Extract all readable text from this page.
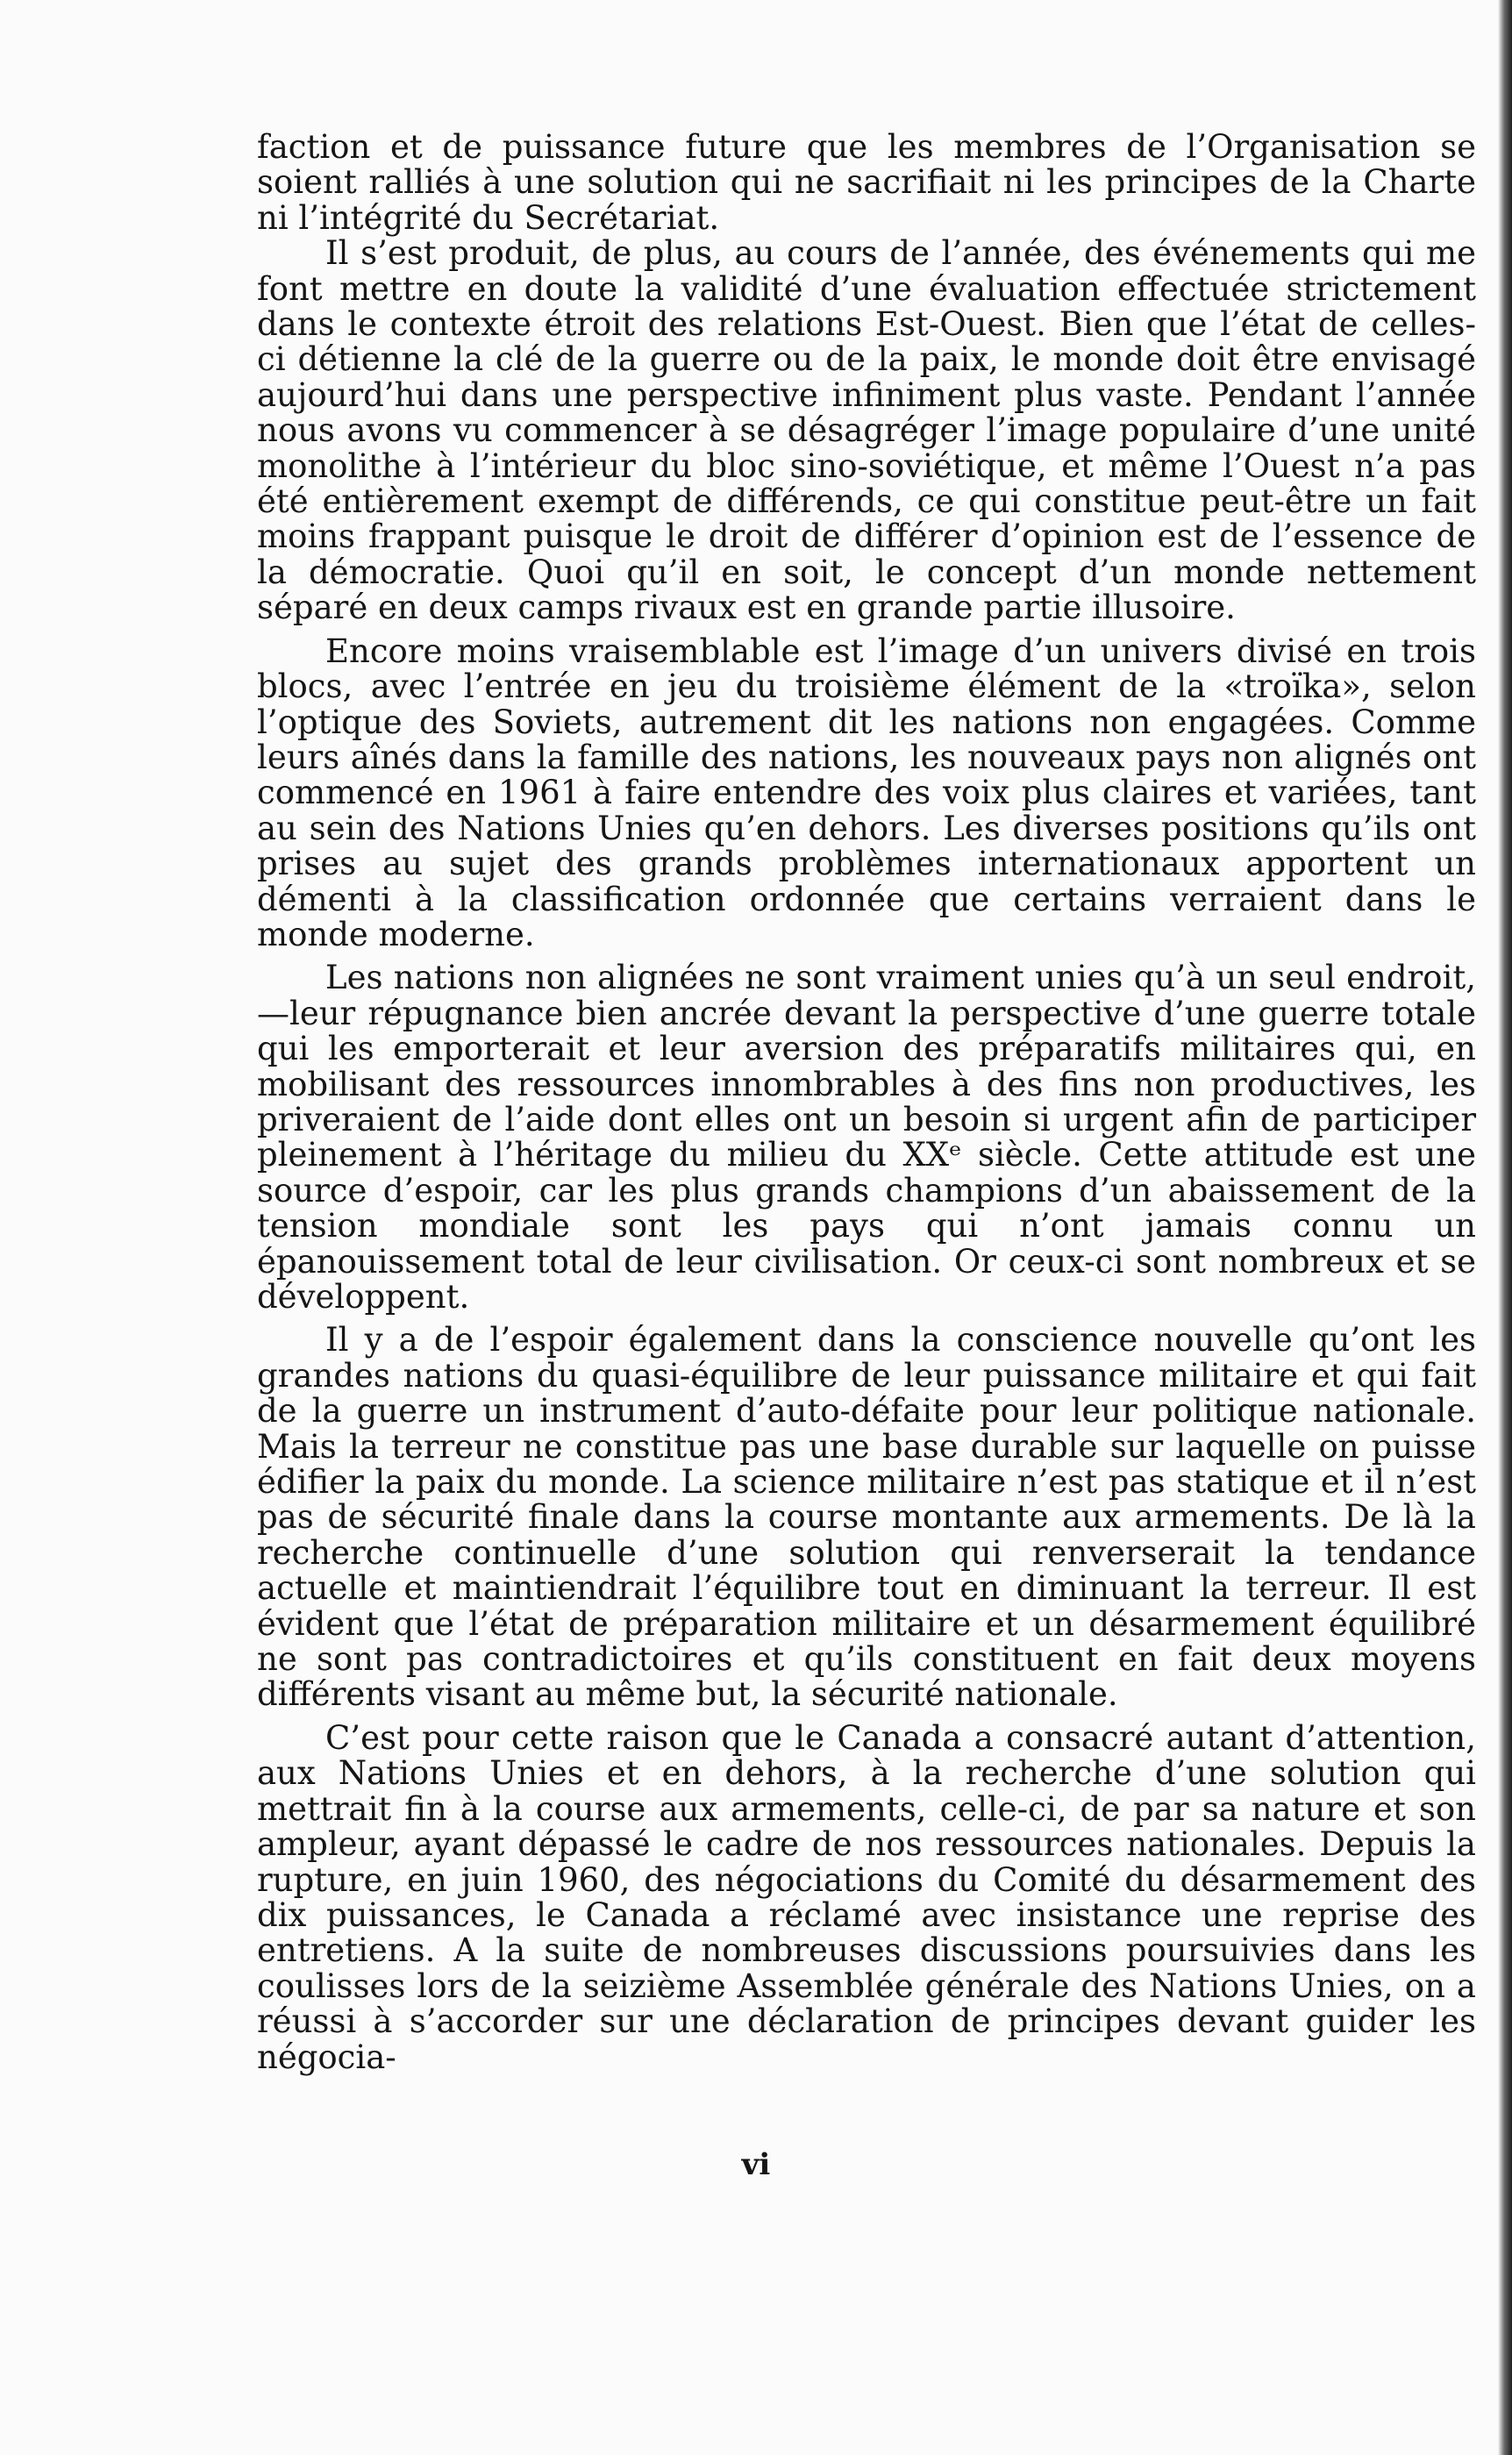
faction et de puissance future que les membres de l’Organisation se soient ralliés à une solution qui ne sacrifiait ni les principes de la Charte ni l’intégrité du Secrétariat.

Il s’est produit, de plus, au cours de l’année, des événements qui me font mettre en doute la validité d’une évaluation effectuée strictement dans le contexte étroit des relations Est-Ouest. Bien que l’état de celles-ci détienne la clé de la guerre ou de la paix, le monde doit être envisagé aujourd’hui dans une perspective infiniment plus vaste. Pendant l’année nous avons vu commencer à se désagréger l’image populaire d’une unité monolithe à l’intérieur du bloc sino-soviétique, et même l’Ouest n’a pas été entièrement exempt de différends, ce qui constitue peut-être un fait moins frappant puisque le droit de différer d’opinion est de l’essence de la démocratie. Quoi qu’il en soit, le concept d’un monde nettement séparé en deux camps rivaux est en grande partie illusoire.

Encore moins vraisemblable est l’image d’un univers divisé en trois blocs, avec l’entrée en jeu du troisième élément de la «troïka», selon l’optique des Soviets, autrement dit les nations non engagées. Comme leurs aînés dans la famille des nations, les nouveaux pays non alignés ont commencé en 1961 à faire entendre des voix plus claires et variées, tant au sein des Nations Unies qu’en dehors. Les diverses positions qu’ils ont prises au sujet des grands problèmes internationaux apportent un démenti à la classification ordonnée que certains verraient dans le monde moderne.

Les nations non alignées ne sont vraiment unies qu’à un seul endroit,—leur répugnance bien ancrée devant la perspective d’une guerre totale qui les emporterait et leur aversion des préparatifs militaires qui, en mobilisant des ressources innombrables à des fins non productives, les priveraient de l’aide dont elles ont un besoin si urgent afin de participer pleinement à l’héritage du milieu du XXᵉ siècle. Cette attitude est une source d’espoir, car les plus grands champions d’un abaissement de la tension mondiale sont les pays qui n’ont jamais connu un épanouissement total de leur civilisation. Or ceux-ci sont nombreux et se développent.

Il y a de l’espoir également dans la conscience nouvelle qu’ont les grandes nations du quasi-équilibre de leur puissance militaire et qui fait de la guerre un instrument d’auto-défaite pour leur politique nationale. Mais la terreur ne constitue pas une base durable sur laquelle on puisse édifier la paix du monde. La science militaire n’est pas statique et il n’est pas de sécurité finale dans la course montante aux armements. De là la recherche continuelle d’une solution qui renverserait la tendance actuelle et maintiendrait l’équilibre tout en diminuant la terreur. Il est évident que l’état de préparation militaire et un désarmement équilibré ne sont pas contradictoires et qu’ils constituent en fait deux moyens différents visant au même but, la sécurité nationale.

C’est pour cette raison que le Canada a consacré autant d’attention, aux Nations Unies et en dehors, à la recherche d’une solution qui mettrait fin à la course aux armements, celle-ci, de par sa nature et son ampleur, ayant dépassé le cadre de nos ressources nationales. Depuis la rupture, en juin 1960, des négociations du Comité du désarmement des dix puissances, le Canada a réclamé avec insistance une reprise des entretiens. A la suite de nombreuses discussions poursuivies dans les coulisses lors de la seizième Assemblée générale des Nations Unies, on a réussi à s’accorder sur une déclaration de principes devant guider les négocia-

vi
